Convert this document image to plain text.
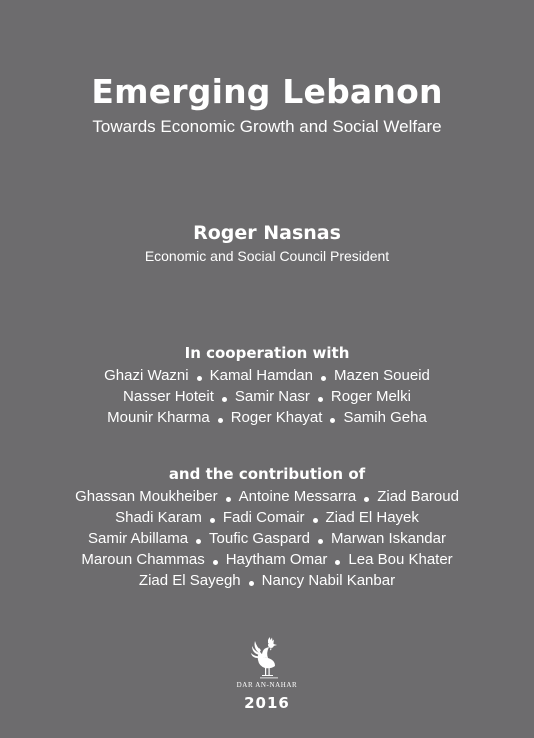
Emerging Lebanon
Towards Economic Growth and Social Welfare
Roger Nasnas
Economic and Social Council President
In cooperation with
Ghazi Wazni Kamal Hamdan Mazen Soueid
Nasser Hoteit Samir Nasr Roger Melki
Mounir Kharma Roger Khayat Samih Geha
and the contribution of
Ghassan Moukheiber Antoine Messarra Ziad Baroud
Shadi Karam Fadi Comair Ziad El Hayek
Samir Abillama Toufic Gaspard Marwan Iskandar
Maroun Chammas Haytham Omar Lea Bou Khater
Ziad El Sayegh Nancy Nabil Kanbar
DAR AN-NAHAR
2016
